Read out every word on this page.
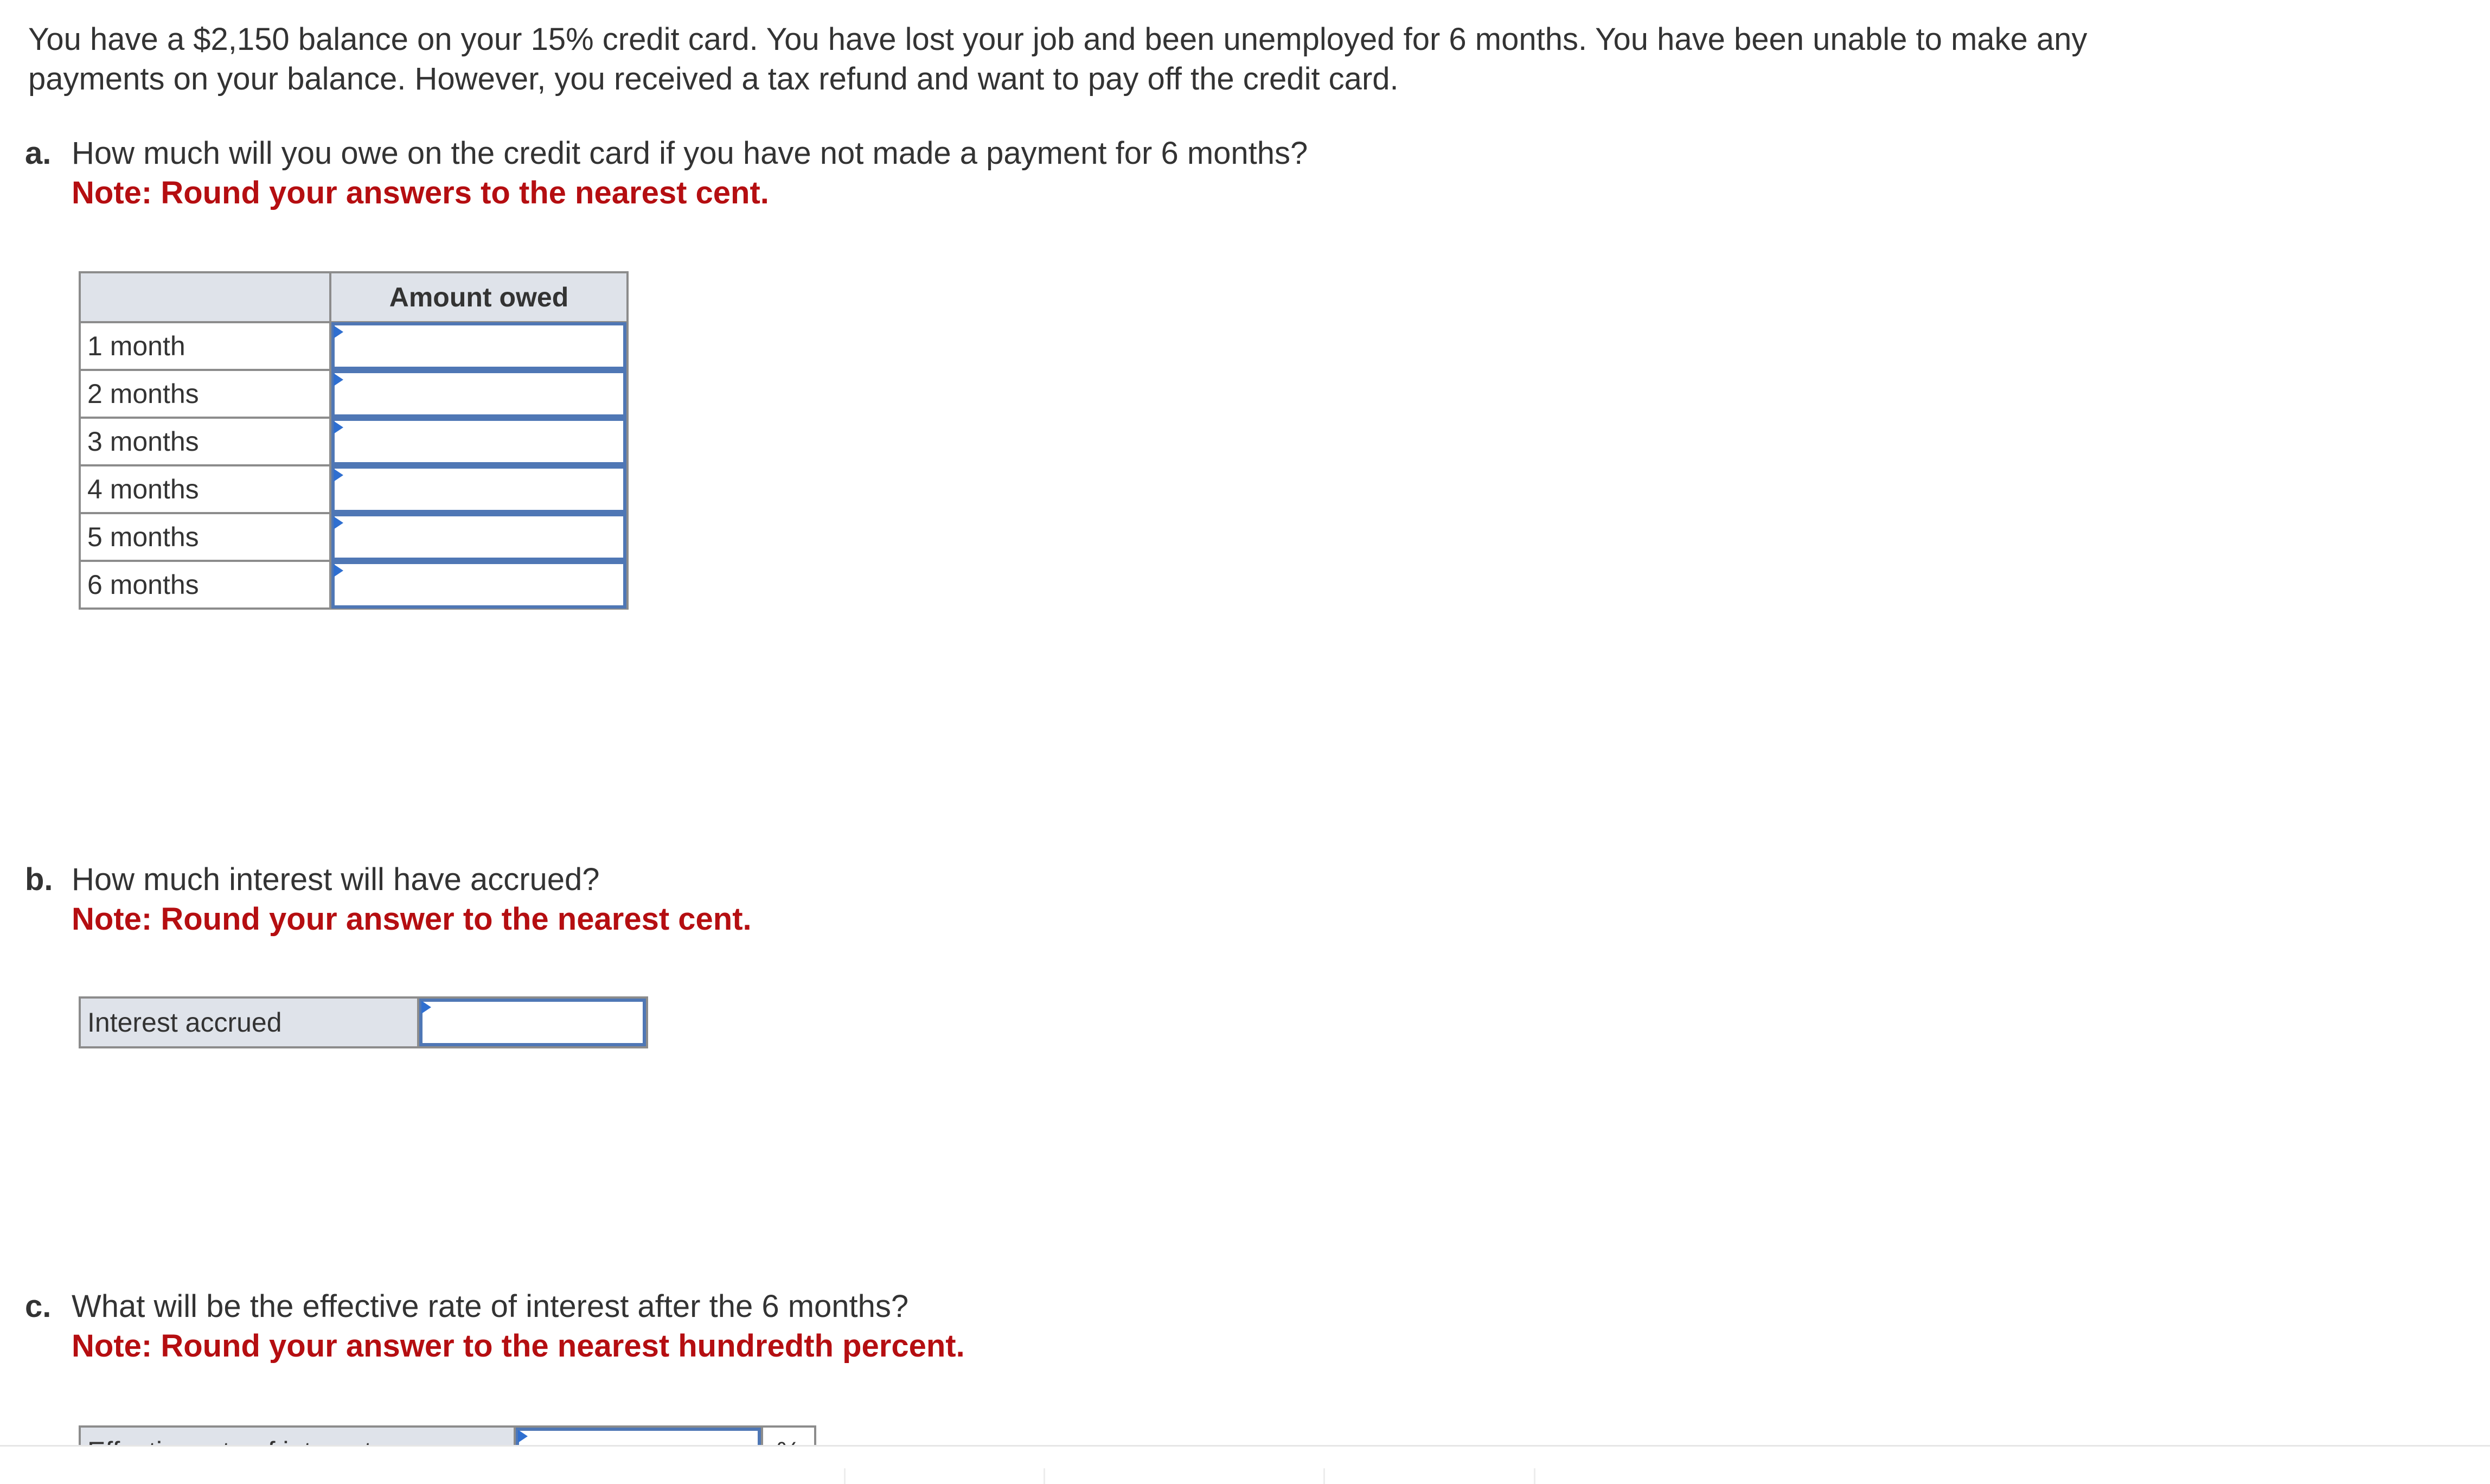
You have a $2,150 balance on your 15% credit card. You have lost your job and been unemployed for 6 months. You have been unable to make any payments on your balance. However, you received a tax refund and want to pay off the credit card.

a. How much will you owe on the credit card if you have not made a payment for 6 months?
Note: Round your answers to the nearest cent.
	Amount owed
1 month	

2 months	

3 months	

4 months	

5 months	

6 months	
b. How much interest will have accrued?
Note: Round your answer to the nearest cent.
Interest accrued
c. What will be the effective rate of interest after the 6 months?
Note: Round your answer to the nearest hundredth percent.
